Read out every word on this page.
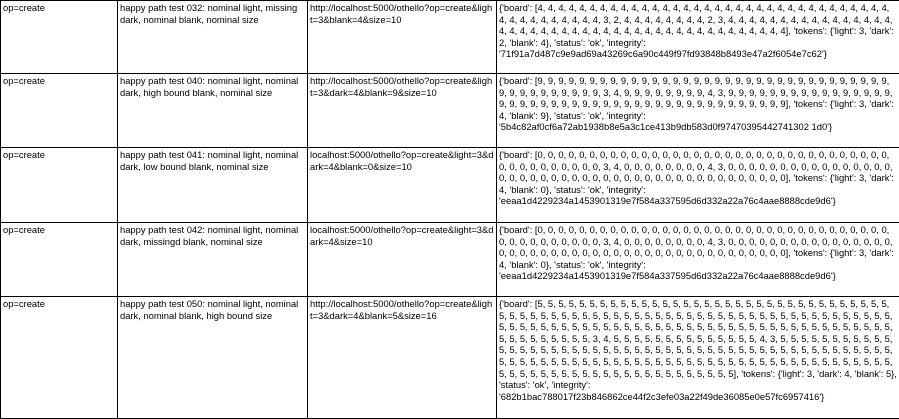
op=create	happy path test 032: nominal light, missing dark, nominal blank, nominal size	http://localhost:5000/othello?op=create&light=3&blank=4&size=10	{'board': [4, 4, 4, 4, 4, 4, 4, 4, 4, 4, 4, 4, 4, 4, 4, 4, 4, 4, 4, 4, 4, 4, 4, 4, 4, 4, 4, 4, 4, 4, 4, 4, 4, 4, 4, 4, 4, 4, 4, 4, 4, 4, 4, 4, 3, 2, 4, 4, 4, 4, 4, 4, 4, 4, 2, 3, 4, 4, 4, 4, 4, 4, 4, 4, 4, 4, 4, 4, 4, 4, 4, 4, 4, 4, 4, 4, 4, 4, 4, 4, 4, 4, 4, 4, 4, 4, 4, 4, 4, 4, 4, 4, 4, 4, 4, 4, 4, 4, 4, 4], 'tokens': {'light': 3, 'dark': 2, 'blank': 4}, 'status': 'ok', 'integrity': '71f91a7d487c9e9ad69a43269c6a90c449f97fd93848b8493e47a2f6054e7c62'}
op=create	happy path test 040: nominal light, nominal dark, high bound blank, nominal size	http://localhost:5000/othello?op=create&light=3&dark=4&blank=9&size=10	{'board': [9, 9, 9, 9, 9, 9, 9, 9, 9, 9, 9, 9, 9, 9, 9, 9, 9, 9, 9, 9, 9, 9, 9, 9, 9, 9, 9, 9, 9, 9, 9, 9, 9, 9, 9, 9, 9, 9, 9, 9, 9, 9, 9, 9, 3, 4, 9, 9, 9, 9, 9, 9, 9, 9, 4, 3, 9, 9, 9, 9, 9, 9, 9, 9, 9, 9, 9, 9, 9, 9, 9, 9, 9, 9, 9, 9, 9, 9, 9, 9, 9, 9, 9, 9, 9, 9, 9, 9, 9, 9, 9, 9, 9, 9, 9, 9, 9, 9, 9, 9], 'tokens': {'light': 3, 'dark': 4, 'blank': 9}, 'status': 'ok', 'integrity': '5b4c82af0cf6a72ab1938b8e5a3c1ce413b9db583d0f97470395442741302 1d0'}
op=create	happy path test 041: nominal light, nominal dark, low bound blank, nominal size	localhost:5000/othello?op=create&light=3&dark=4&blank=0&size=10	{'board': [0, 0, 0, 0, 0, 0, 0, 0, 0, 0, 0, 0, 0, 0, 0, 0, 0, 0, 0, 0, 0, 0, 0, 0, 0, 0, 0, 0, 0, 0, 0, 0, 0, 0, 0, 0, 0, 0, 0, 0, 0, 0, 0, 0, 3, 4, 0, 0, 0, 0, 0, 0, 0, 0, 4, 3, 0, 0, 0, 0, 0, 0, 0, 0, 0, 0, 0, 0, 0, 0, 0, 0, 0, 0, 0, 0, 0, 0, 0, 0, 0, 0, 0, 0, 0, 0, 0, 0, 0, 0, 0, 0, 0, 0, 0, 0, 0, 0, 0, 0], 'tokens': {'light': 3, 'dark': 4, 'blank': 0}, 'status': 'ok', 'integrity': 'eeaa1d4229234a1453901319e7f584a337595d6d332a22a76c4aae8888cde9d6'}
op=create	happy path test 042: nominal light, nominal dark, missingd blank, nominal size	localhost:5000/othello?op=create&light=3&dark=4&size=10	{'board': [0, 0, 0, 0, 0, 0, 0, 0, 0, 0, 0, 0, 0, 0, 0, 0, 0, 0, 0, 0, 0, 0, 0, 0, 0, 0, 0, 0, 0, 0, 0, 0, 0, 0, 0, 0, 0, 0, 0, 0, 0, 0, 0, 0, 3, 4, 0, 0, 0, 0, 0, 0, 0, 0, 4, 3, 0, 0, 0, 0, 0, 0, 0, 0, 0, 0, 0, 0, 0, 0, 0, 0, 0, 0, 0, 0, 0, 0, 0, 0, 0, 0, 0, 0, 0, 0, 0, 0, 0, 0, 0, 0, 0, 0, 0, 0, 0, 0, 0, 0], 'tokens': {'light': 3, 'dark': 4, 'blank': 0}, 'status': 'ok', 'integrity': 'eeaa1d4229234a1453901319e7f584a337595d6d332a22a76c4aae8888cde9d6'}
op=create	happy path test 050: nominal light, nominal dark, nominal blank, high bound size	http://localhost:5000/othello?op=create&light=3&dark=4&blank=5&size=16	{'board': [5, 5, 5, 5, 5, 5, 5, 5, 5, 5, 5, 5, 5, 5, 5, 5, 5, 5, 5, 5, 5, 5, 5, 5, 5, 5, 5, 5, 5, 5, 5, 5, 5, 5, 5, 5, 5, 5, 5, 5, 5, 5, 5, 5, 5, 5, 5, 5, 5, 5, 5, 5, 5, 5, 5, 5, 5, 5, 5, 5, 5, 5, 5, 5, 5, 5, 5, 5, 5, 5, 5, 5, 5, 5, 5, 5, 5, 5, 5, 5, 5, 5, 5, 5, 5, 5, 5, 5, 5, 5, 5, 5, 5, 5, 5, 5, 5, 5, 5, 5, 5, 5, 5, 5, 5, 5, 5, 5, 5, 5, 5, 5, 5, 5, 5, 5, 5, 5, 5, 3, 4, 5, 5, 5, 5, 5, 5, 5, 5, 5, 5, 5, 5, 5, 5, 4, 3, 5, 5, 5, 5, 5, 5, 5, 5, 5, 5, 5, 5, 5, 5, 5, 5, 5, 5, 5, 5, 5, 5, 5, 5, 5, 5, 5, 5, 5, 5, 5, 5, 5, 5, 5, 5, 5, 5, 5, 5, 5, 5, 5, 5, 5, 5, 5, 5, 5, 5, 5, 5, 5, 5, 5, 5, 5, 5, 5, 5, 5, 5, 5, 5, 5, 5, 5, 5, 5, 5, 5, 5, 5, 5, 5, 5, 5, 5, 5, 5, 5, 5, 5, 5, 5, 5, 5, 5, 5, 5, 5, 5, 5, 5, 5, 5, 5, 5, 5, 5, 5, 5, 5, 5, 5, 5, 5, 5, 5, 5], 'tokens': {'light': 3, 'dark': 4, 'blank': 5}, 'status': 'ok', 'integrity': '682b1bac788017f23b846862ce44f2c3efe03a22f49de36085e0e57fc6957416'}
